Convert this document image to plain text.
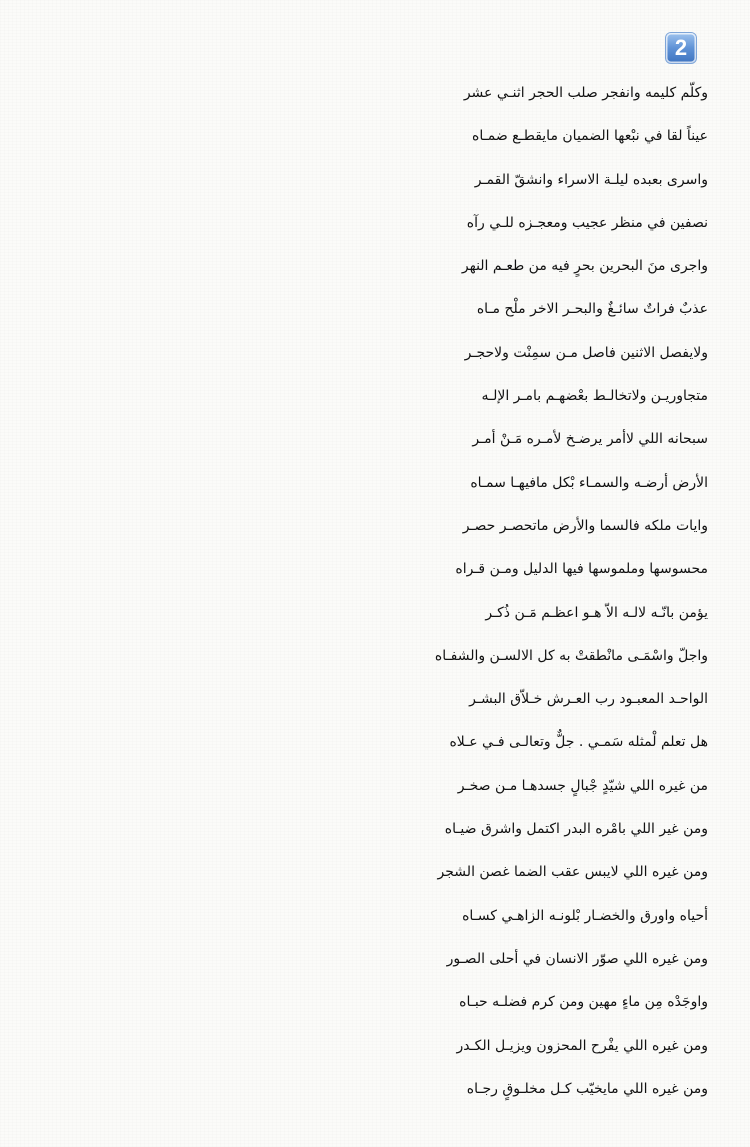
2
وكلّم كليمه وانفجر صلب الحجر اثنـي عشر
عيناً لقا في نبْعها الضميان مايقطـع ضمـاه
واسرى بعبده ليلـة الاسراء وانشقّ القمـر
نصفين في منظر عجيب ومعجـزه للـي رآه
واجرى منَ البحرين بحرٍ فيه من طعـم النهر
عذبٌ فراتٌ سائـغٌ والبحـر الاخر ملْح مـاه
ولايفصل الاثنين فاصل مـن سمِنْت ولاحجـر
متجاوريـن ولاتخالـط بعْضهـم بامـر الإلـه
سبحانه اللي لاأمر يرضـخ لأمـره مَـنْ أمـر
الأرض أرضـه والسمـاء بْكل مافيهـا سمـاه
وايات ملكه فالسما والأرض ماتحصـر حصـر
محسوسها وملموسها فيها الدليل ومـن قـراه
يؤمن بانّـه لالـه الاّ هـو اعظـم مَـن ذُكـر
واجلّ واسْمَـى مانْطقتْ به كل الالسـن والشفـاه
الواحـد المعبـود رب العـرش خـلاّق البشـر
هل تعلم لْمثله سَمـي . جلٌّ وتعالـى فـي عـلاه
من غيره اللي شيّدٍ جْبالٍ جسدهـا مـن صخـر
ومن غير اللي بامْره البدر اكتمل واشرق ضيـاه
ومن غيره اللي لايبس عقب الضما غصن الشجر
أحياه واورق والخضـار بْلونـه الزاهـي كسـاه
ومن غيره اللي صوّر الانسان في أحلى الصـور
واوجَدْه مِن ماءٍ مهين ومن كرم فضلـه حبـاه
ومن غيره اللي يفْرح المحزون ويزيـل الكـدر
ومن غيره اللي مايخيّب كـل مخلـوقٍ رجـاه
